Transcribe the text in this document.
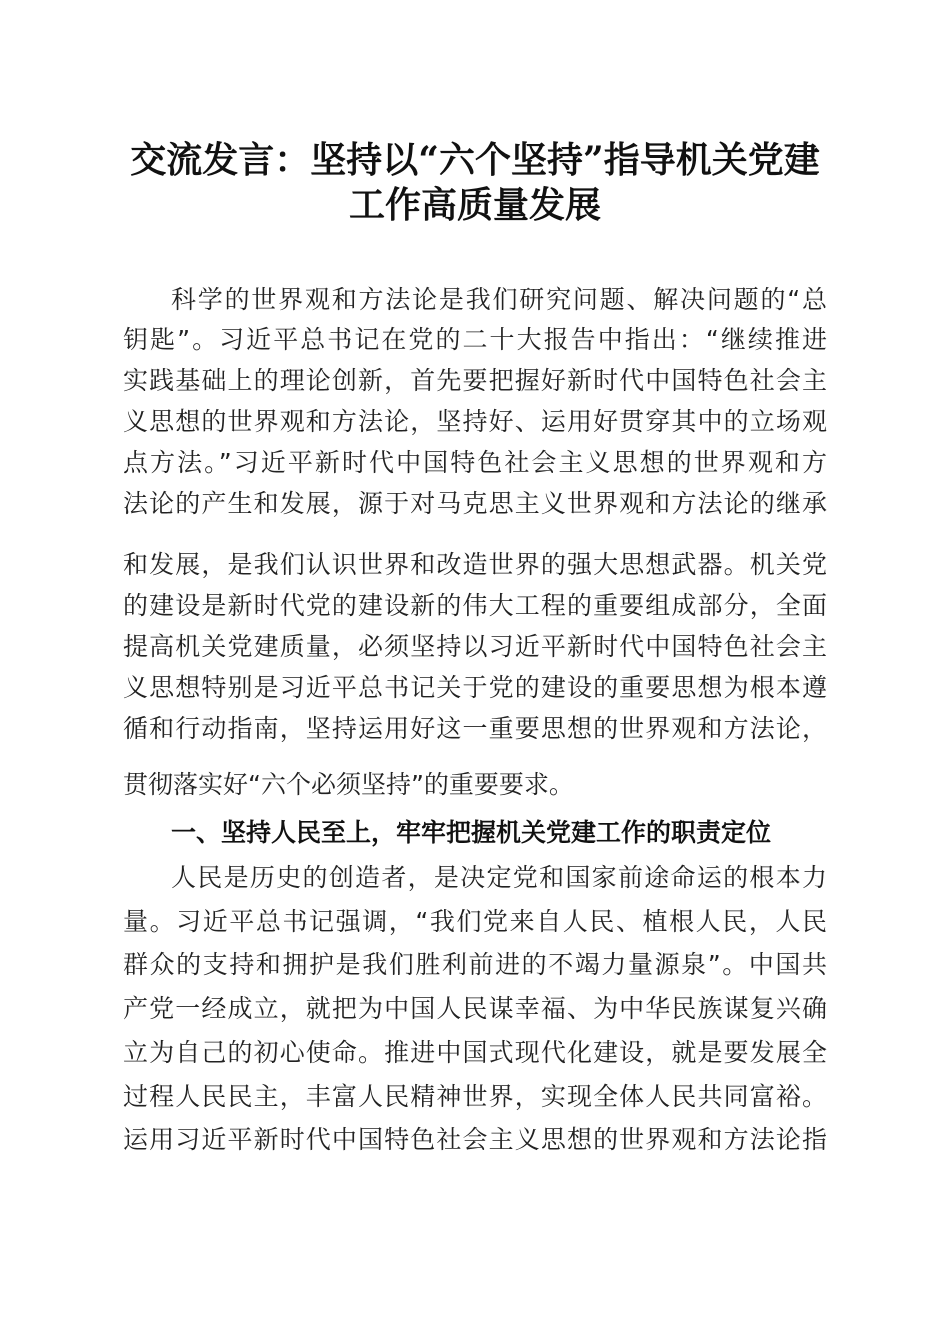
交流发言：坚持以“六个坚持”指导机关党建
工作高质量发展
科学的世界观和方法论是我们研究问题、解决问题的“总
钥匙”。习近平总书记在党的二十大报告中指出：“继续推进
实践基础上的理论创新，首先要把握好新时代中国特色社会主
义思想的世界观和方法论，坚持好、运用好贯穿其中的立场观
点方法。”习近平新时代中国特色社会主义思想的世界观和方
法论的产生和发展，源于对马克思主义世界观和方法论的继承
和发展，是我们认识世界和改造世界的强大思想武器。机关党
的建设是新时代党的建设新的伟大工程的重要组成部分，全面
提高机关党建质量，必须坚持以习近平新时代中国特色社会主
义思想特别是习近平总书记关于党的建设的重要思想为根本遵
循和行动指南，坚持运用好这一重要思想的世界观和方法论，
贯彻落实好“六个必须坚持”的重要要求。
一、坚持人民至上，牢牢把握机关党建工作的职责定位
人民是历史的创造者，是决定党和国家前途命运的根本力
量。习近平总书记强调，“我们党来自人民、植根人民，人民
群众的支持和拥护是我们胜利前进的不竭力量源泉”。中国共
产党一经成立，就把为中国人民谋幸福、为中华民族谋复兴确
立为自己的初心使命。推进中国式现代化建设，就是要发展全
过程人民民主，丰富人民精神世界，实现全体人民共同富裕。
运用习近平新时代中国特色社会主义思想的世界观和方法论指
